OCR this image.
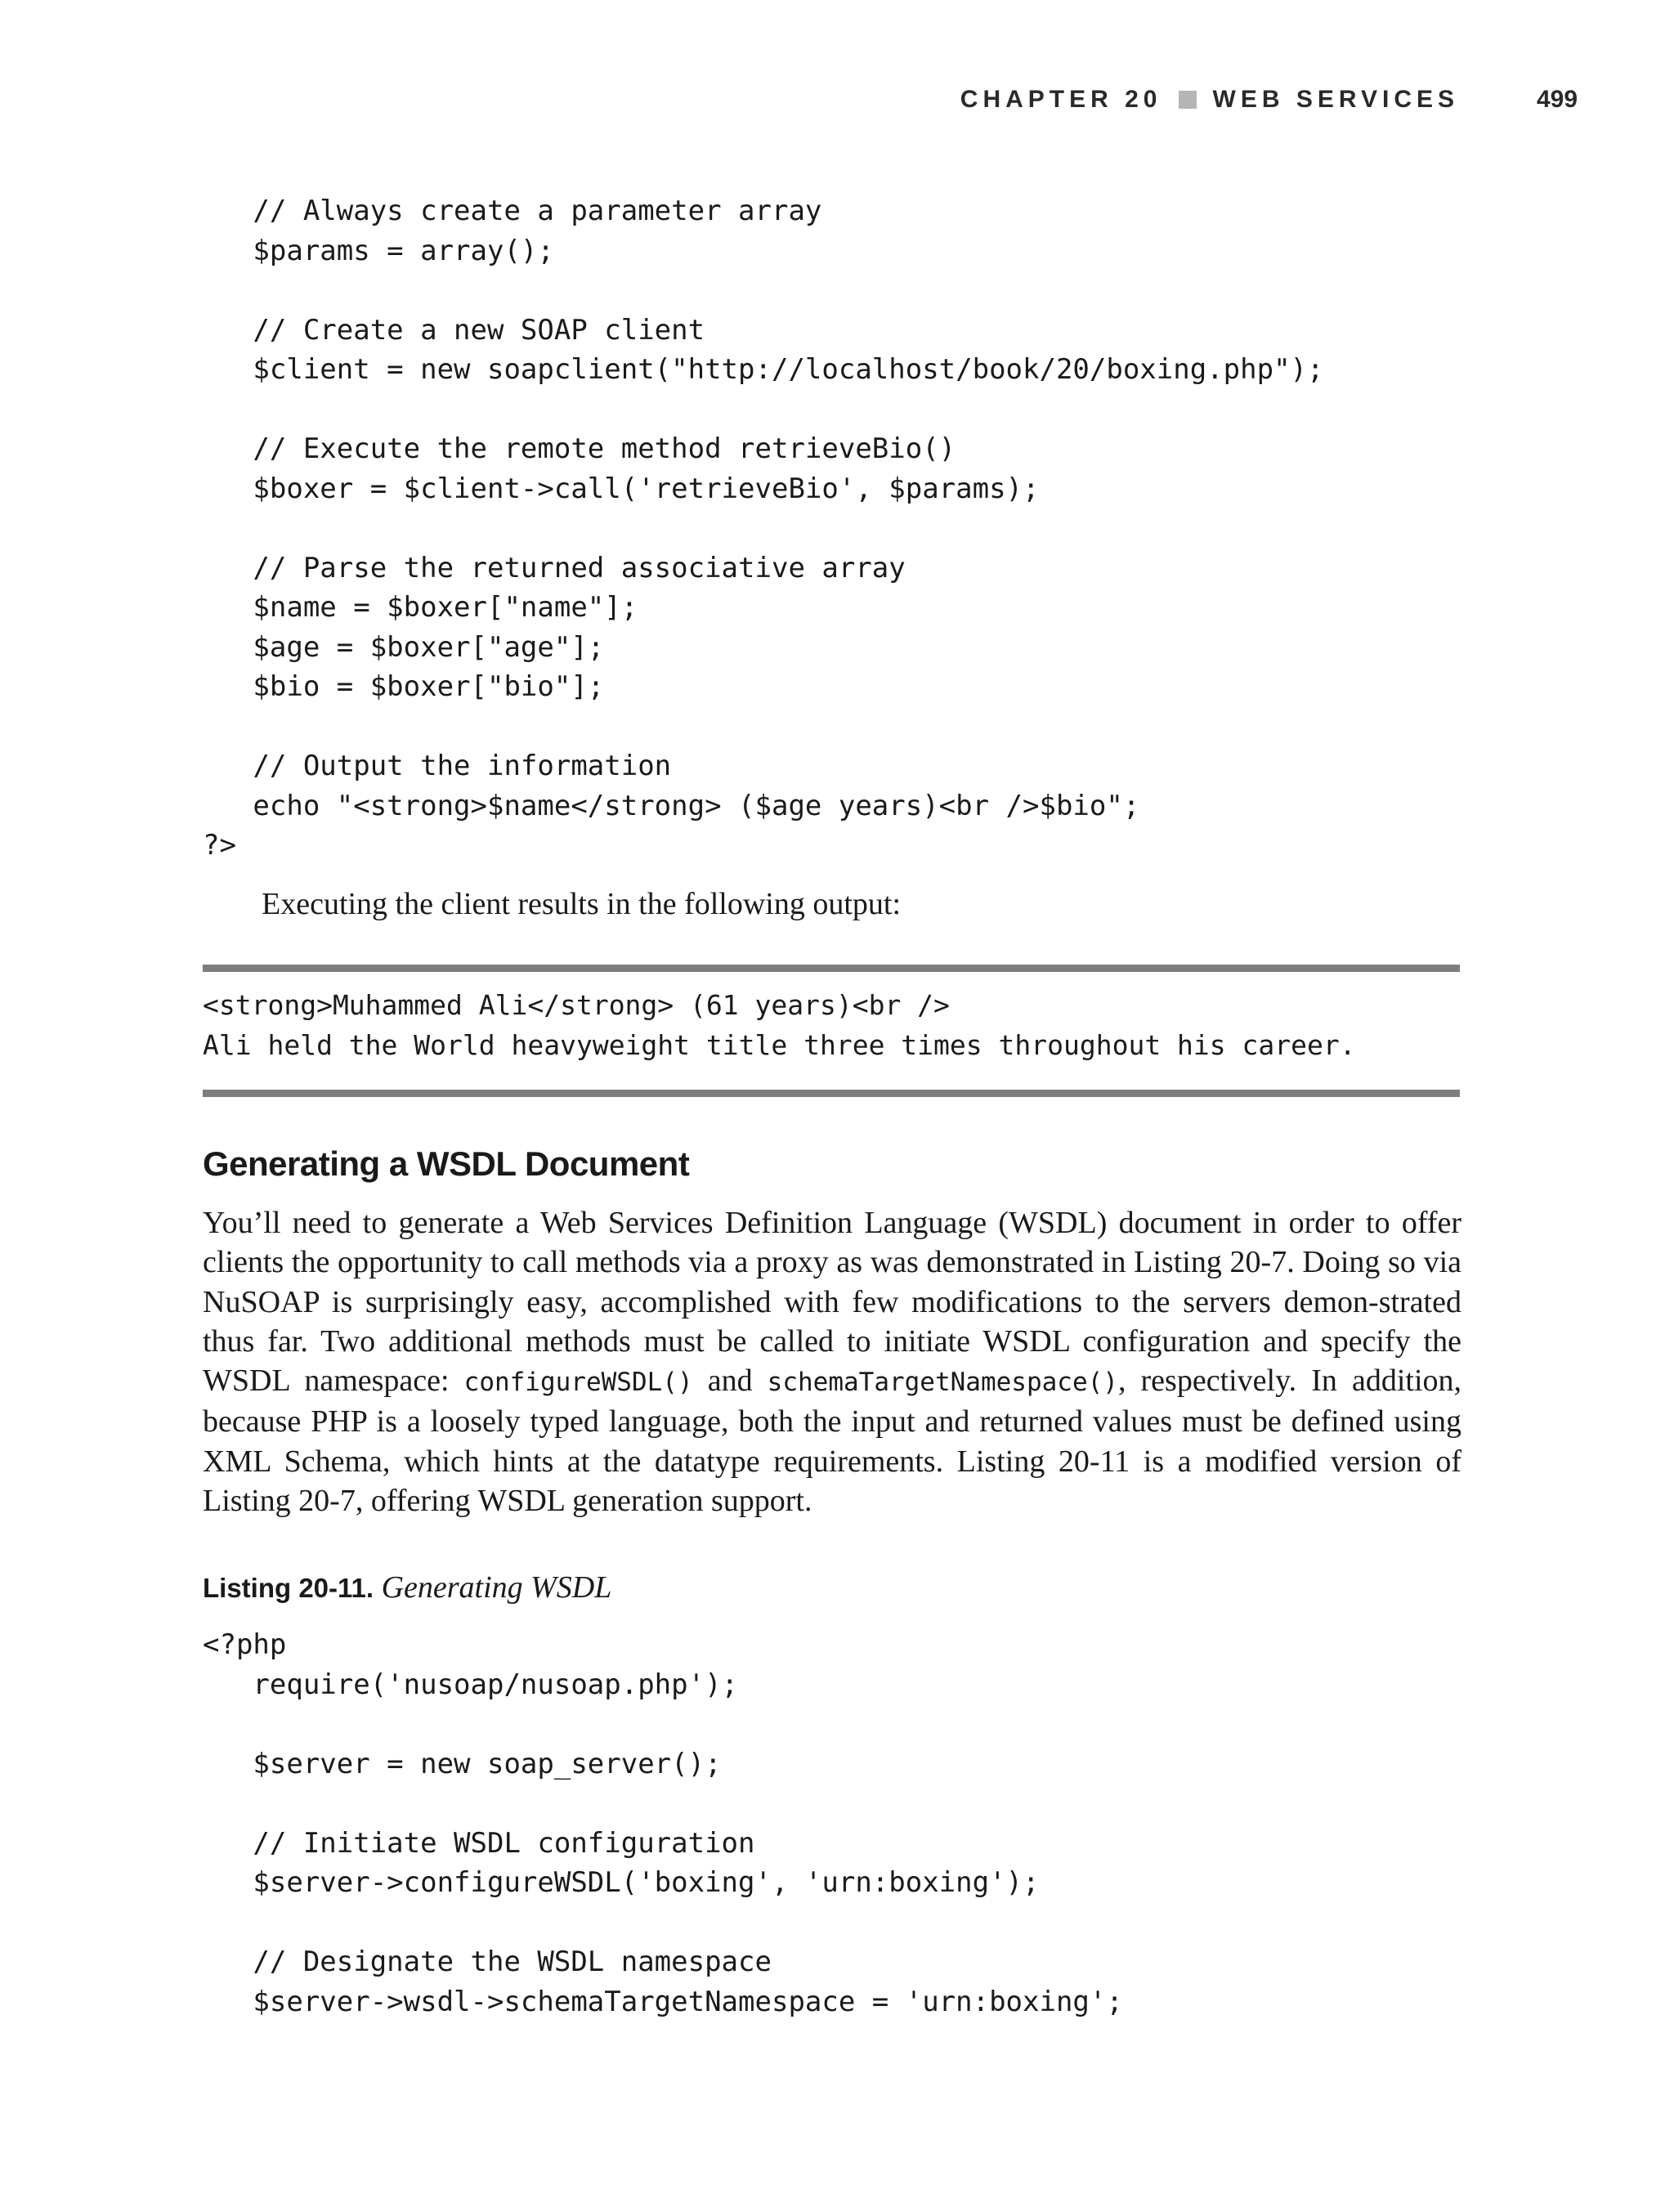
CHAPTER 20 WEB SERVICES	499
// Always create a parameter array
$params = array();

// Create a new SOAP client
$client = new soapclient("http://localhost/book/20/boxing.php");

// Execute the remote method retrieveBio()
$boxer = $client->call('retrieveBio', $params);

// Parse the returned associative array
$name = $boxer["name"];
$age = $boxer["age"];
$bio = $boxer["bio"];

// Output the information
echo "<strong>$name</strong> ($age years)<br />$bio";
?>

Executing the client results in the following output:

<strong>Muhammed Ali</strong> (61 years)<br />
Ali held the World heavyweight title three times throughout his career.
Generating a WSDL Document

You’ll need to generate a Web Services Definition Language (WSDL) document in order to offer clients the opportunity to call methods via a proxy as was demonstrated in Listing 20-7. Doing so via NuSOAP is surprisingly easy, accomplished with few modifications to the servers demon-strated thus far. Two additional methods must be called to initiate WSDL configuration and specify the WSDL namespace: configureWSDL() and schemaTargetNamespace(), respectively. In addition, because PHP is a loosely typed language, both the input and returned values must be defined using XML Schema, which hints at the datatype requirements. Listing 20-11 is a modified version of Listing 20-7, offering WSDL generation support.

Listing 20-11. Generating WSDL

<?php
require('nusoap/nusoap.php');

$server = new soap_server();

// Initiate WSDL configuration
$server->configureWSDL('boxing', 'urn:boxing');

// Designate the WSDL namespace
$server->wsdl->schemaTargetNamespace = 'urn:boxing';
